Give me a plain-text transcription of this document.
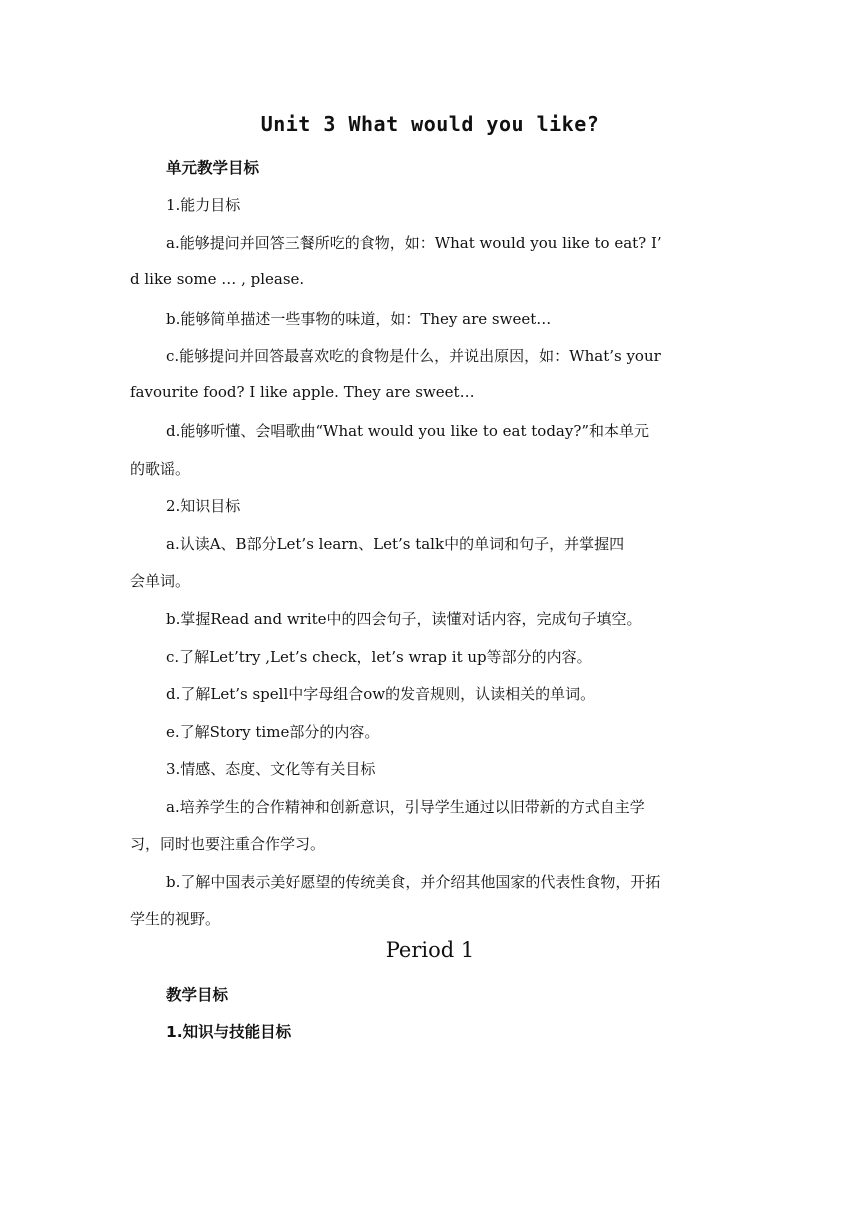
Unit 3 What would you like?
单元教学目标
1.能力目标
a.能够提问并回答三餐所吃的食物，如：What would you like to eat? I’
d like some … , please.
b.能够简单描述一些事物的味道，如：They are sweet…
c.能够提问并回答最喜欢吃的食物是什么，并说出原因，如：What’s your
favourite food? I like apple. They are sweet…
d.能够听懂、会唱歌曲“What would you like to eat today?”和本单元
的歌谣。
2.知识目标
a.认读A、B部分Let’s learn、Let’s talk中的单词和句子，并掌握四
会单词。
b.掌握Read and write中的四会句子，读懂对话内容，完成句子填空。
c.了解Let’try ,Let’s check，let’s wrap it up等部分的内容。
d.了解Let’s spell中字母组合ow的发音规则，认读相关的单词。
e.了解Story time部分的内容。
3.情感、态度、文化等有关目标
a.培养学生的合作精神和创新意识，引导学生通过以旧带新的方式自主学
习，同时也要注重合作学习。
b.了解中国表示美好愿望的传统美食，并介绍其他国家的代表性食物，开拓
学生的视野。
Period 1
教学目标
1.知识与技能目标
